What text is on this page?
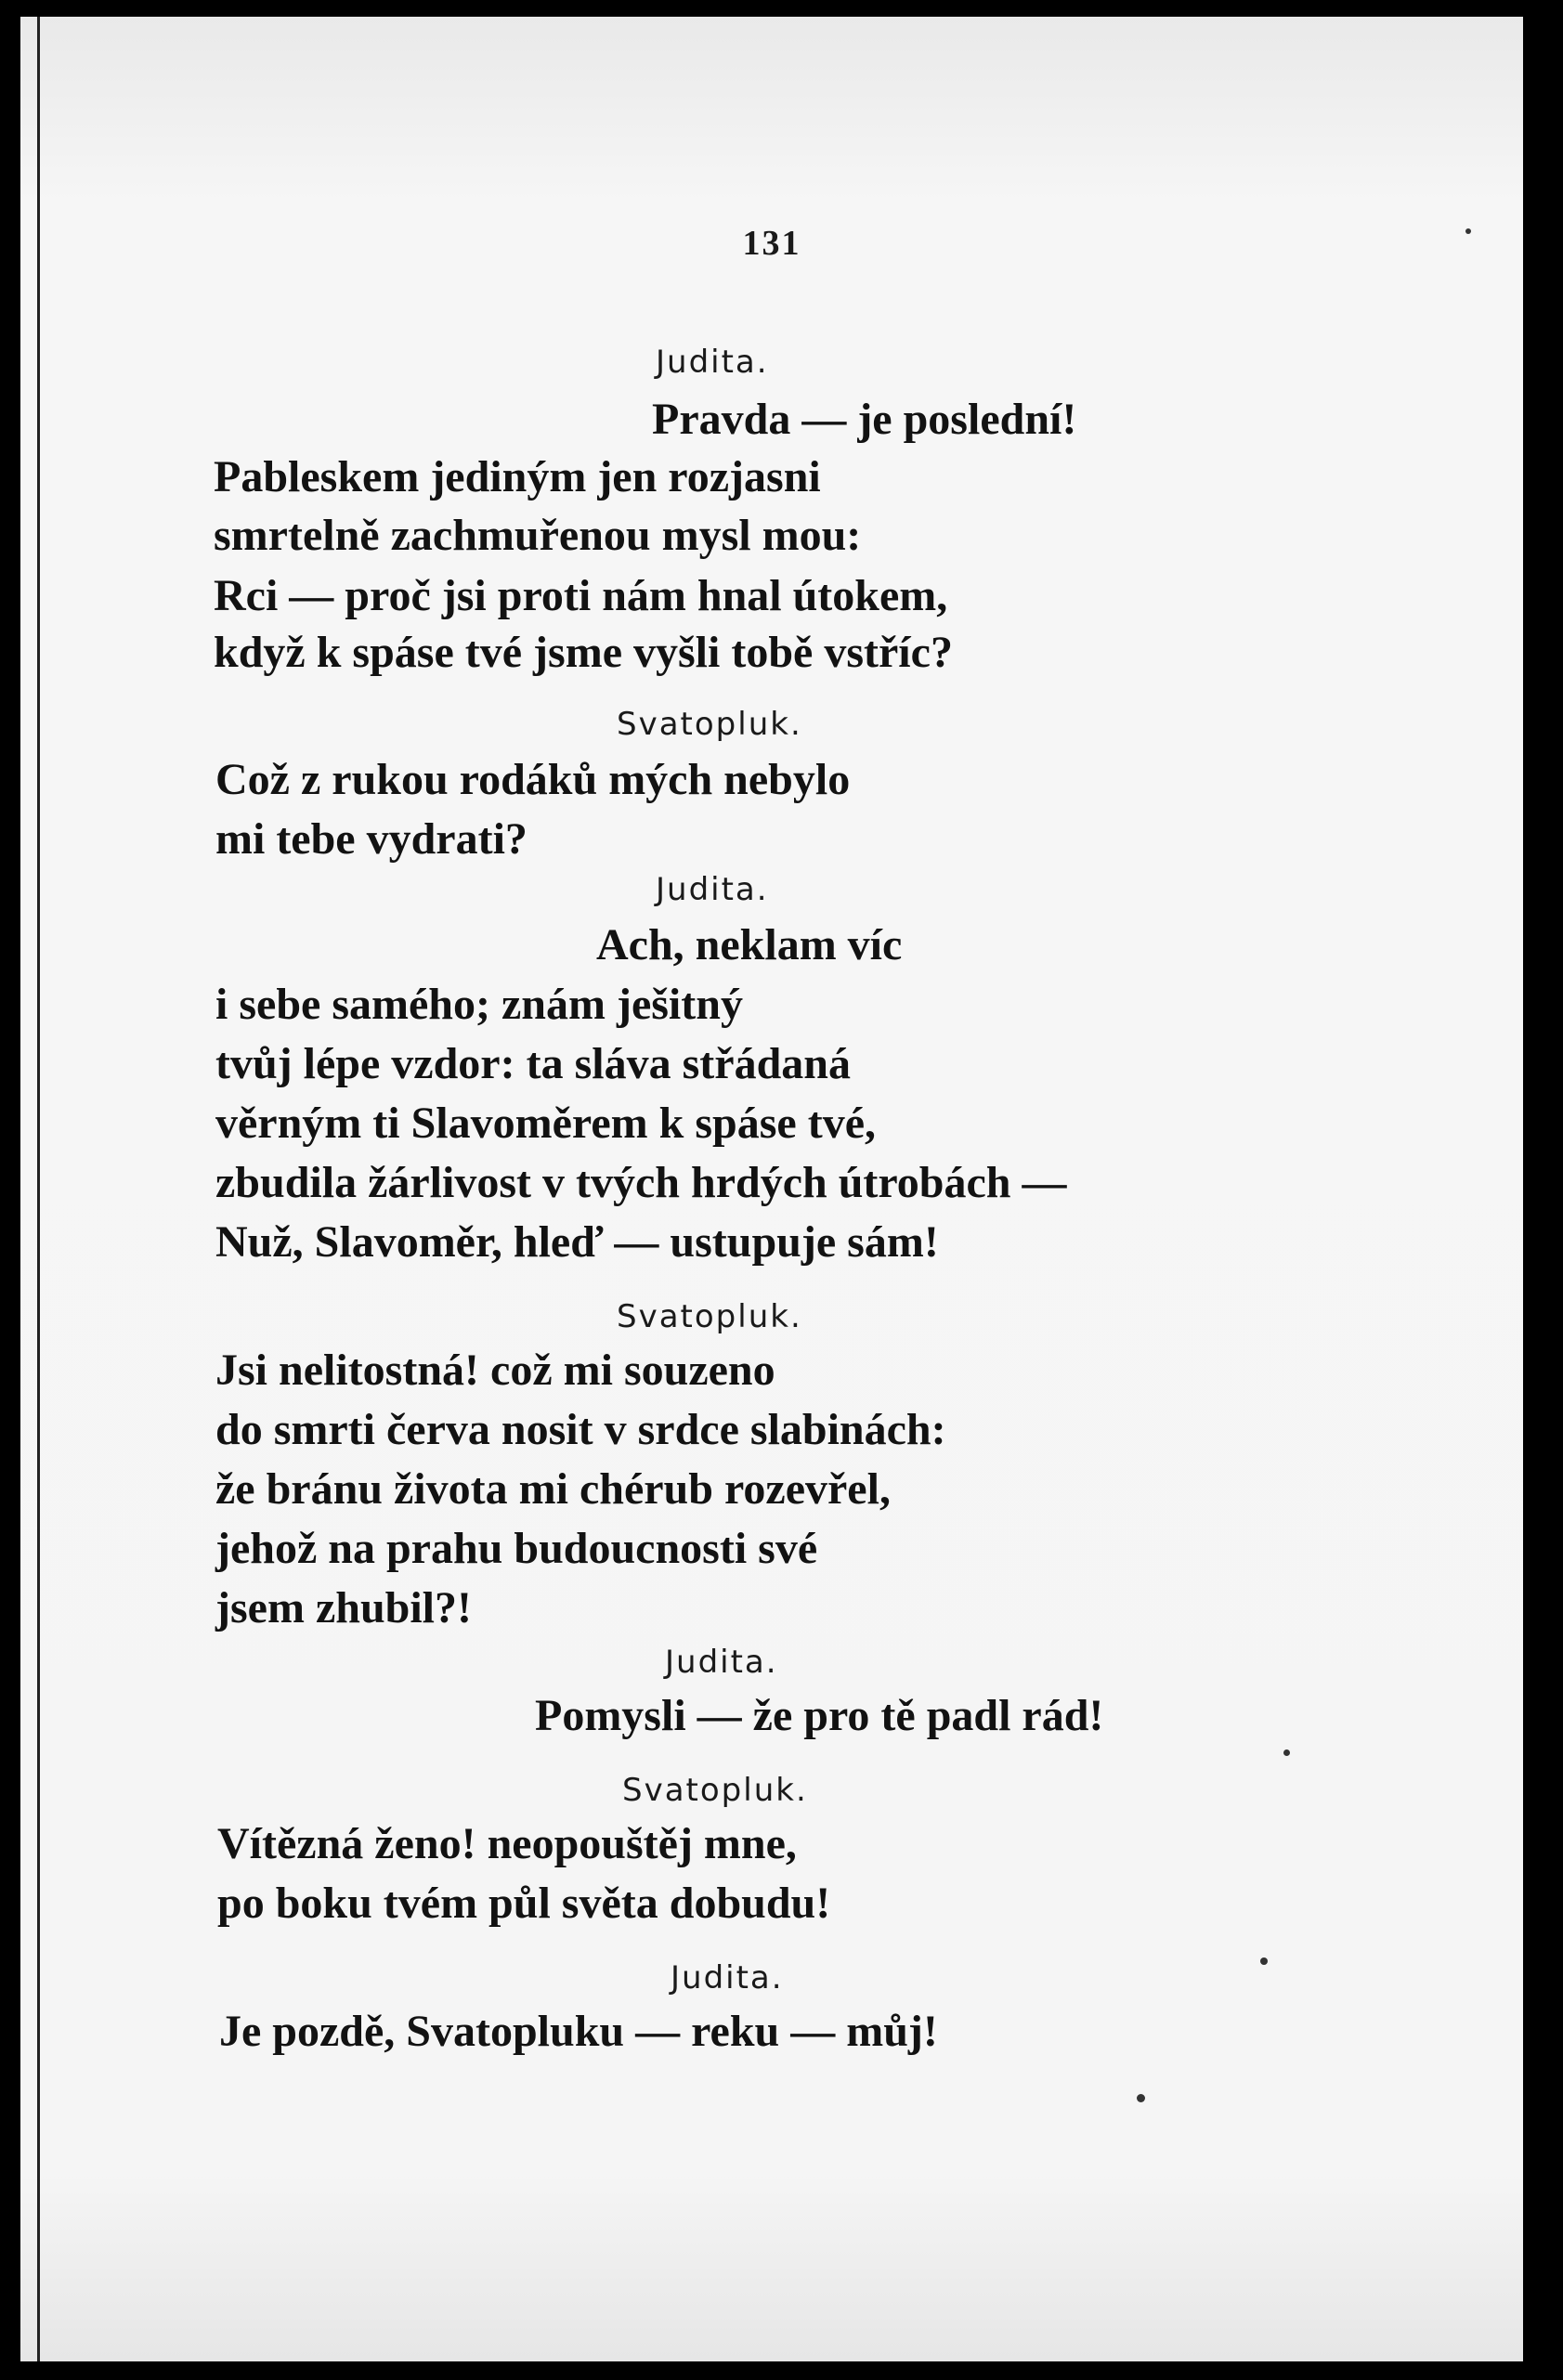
131
Judita.
Pravda — je poslední!
Pableskem jediným jen rozjasni
smrtelně zachmuřenou mysl mou:
Rci — proč jsi proti nám hnal útokem,
když k spáse tvé jsme vyšli tobě vstříc?
Svatopluk.
Což z rukou rodáků mých nebylo
mi tebe vydrati?
Judita.
Ach, neklam víc
i sebe samého; znám ješitný
tvůj lépe vzdor: ta sláva střádaná
věrným ti Slavoměrem k spáse tvé,
zbudila žárlivost v tvých hrdých útrobách —
Nuž, Slavoměr, hleď — ustupuje sám!
Svatopluk.
Jsi nelitostná! což mi souzeno
do smrti červa nosit v srdce slabinách:
že bránu života mi chérub rozevřel,
jehož na prahu budoucnosti své
jsem zhubil?!
Judita.
Pomysli — že pro tě padl rád!
Svatopluk.
Vítězná ženo! neopouštěj mne,
po boku tvém půl světa dobudu!
Judita.
Je pozdě, Svatopluku — reku — můj!
